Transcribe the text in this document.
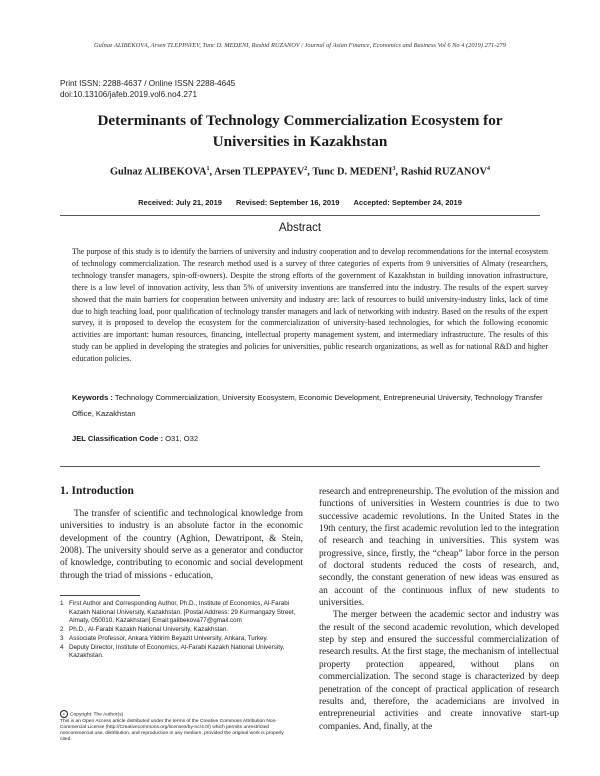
Gulnaz ALIBEKOVA, Arsen TLEPPAYEV, Tunc D. MEDENI, Rashid RUZANOV / Journal of Asian Finance, Economics and Business Vol 6 No 4 (2019) 271-279
Print ISSN: 2288-4637 / Online ISSN 2288-4645
doi:10.13106/jafeb.2019.vol6.no4.271
Determinants of Technology Commercialization Ecosystem for Universities in Kazakhstan
Gulnaz ALIBEKOVA$^1$, Arsen TLEPPAYEV$^2$, Tunc D. MEDENI$^3$, Rashid RUZANOV$^4$
Received: July 21, 2019 Revised: September 16, 2019 Accepted: September 24, 2019
Abstract
The purpose of this study is to identify the barriers of university and industry cooperation and to develop recommendations for the internal ecosystem of technology commercialization. The research method used is a survey of three categories of experts from 9 universities of Almaty (researchers, technology transfer managers, spin-off-owners). Despite the strong efforts of the government of Kazakhstan in building innovation infrastructure, there is a low level of innovation activity, less than 5% of university inventions are transferred into the industry. The results of the expert survey showed that the main barriers for cooperation between university and industry are: lack of resources to build university-industry links, lack of time due to high teaching load, poor qualification of technology transfer managers and lack of networking with industry. Based on the results of the expert survey, it is proposed to develop the ecosystem for the commercialization of university-based technologies, for which the following economic activities are important: human resources, financing, intellectual property management system, and intermediary infrastructure. The results of this study can be applied in developing the strategies and policies for universities, public research organizations, as well as for national R&D and higher education policies.
Keywords : Technology Commercialization, University Ecosystem, Economic Development, Entrepreneurial University, Technology Transfer Office, Kazakhstan
JEL Classification Code : O31, O32
1. Introduction

The transfer of scientific and technological knowledge from universities to industry is an absolute factor in the economic development of the country (Aghion, Dewatripont, & Stein, 2008). The university should serve as a generator and conductor of knowledge, contributing to economic and social development through the triad of missions - education,

research and entrepreneurship. The evolution of the mission and functions of universities in Western countries is due to two successive academic revolutions. In the United States in the 19th century, the first academic revolution led to the integration of research and teaching in universities. This system was progressive, since, firstly, the “cheap” labor force in the person of doctoral students reduced the costs of research, and, secondly, the constant generation of new ideas was ensured as an account of the continuous influx of new students to universities.

The merger between the academic sector and industry was the result of the second academic revolution, which developed step by step and ensured the successful commercialization of research results. At the first stage, the mechanism of intellectual property protection appeared, without plans on commercialization. The second stage is characterized by deep penetration of the concept of practical application of research results and, therefore, the academicians are involved in entrepreneurial activities and create innovative start-up companies. And, finally, at the

1 First Author and Corresponding Author, Ph.D., Institute of Economics, Al-Farabi Kazakh National University, Kazakhstan. [Postal Address: 29 Kurmangazy Street, Almaty, 050010, Kazakhstan] Email:galibekova77@gmail.com
2 Ph.D., Al-Farabi Kazakh National University, Kazakhstan.
3 Associate Professor, Ankara Yildirim Beyazit University, Ankara, Turkey.
4 Deputy Director, Institute of Economics, Al-Farabi Kazakh National University, Kazakhstan.
c Copyright: The Author(s)
This is an Open Access article distributed under the terms of the Creative Commons Attribution Non-Commercial License (http://Creativecommons.org/licenses/by-nc/4.0/) which permits unrestricted noncommercial use, distribution, and reproduction in any medium, provided the original work is properly cited.
